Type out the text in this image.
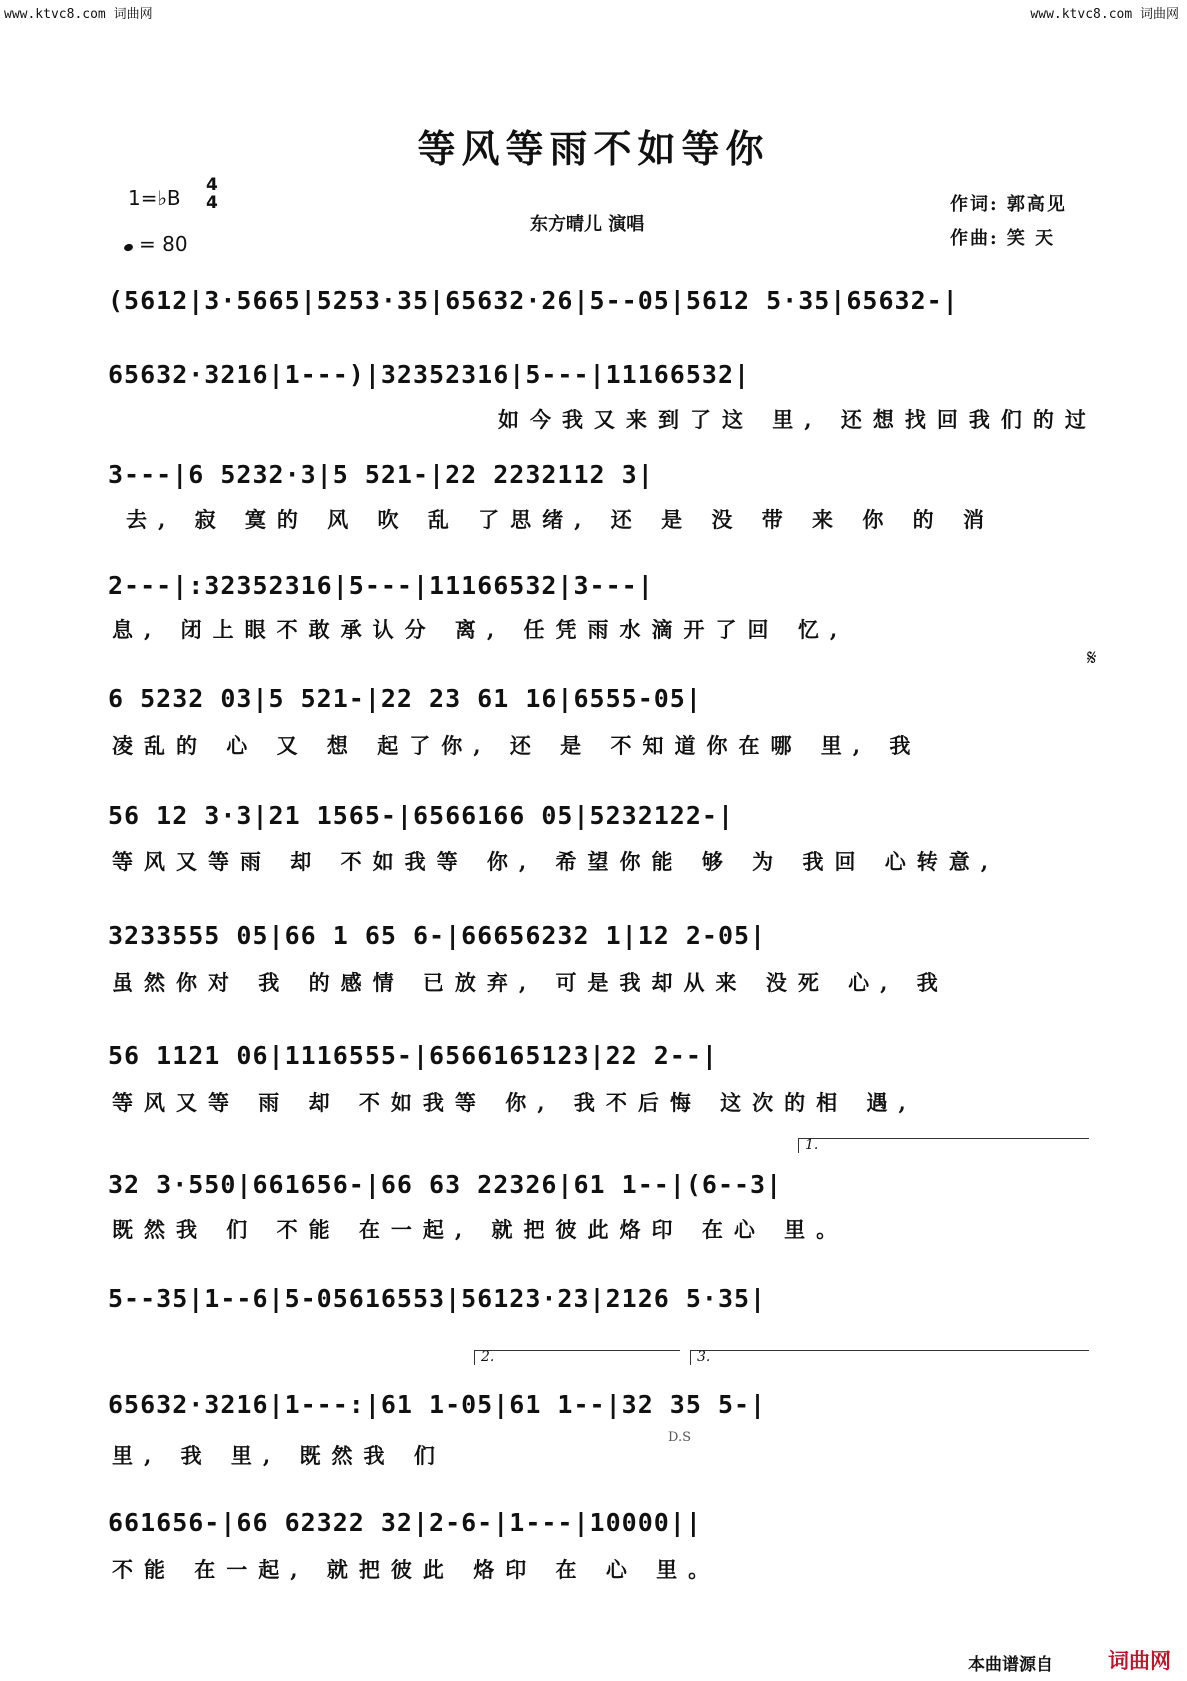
www.ktvc8.com 词曲网	www.ktvc8.com 词曲网
等风等雨不如等你
1=♭B
4
4
= 80
东方晴儿 演唱
作词: 郭高见
作曲: 笑 天
(5612|3·5665|5253·35|65632·26|5--05|5612 5·35|65632-|
65632·3216|1---)|32352316|5---|11166532|
如今我又来到了这 里, 还想找回我们的过
3---|6 5232·3|5 521-|22 2232112 3|
去, 寂 寞的 风 吹 乱 了思绪, 还 是 没 带 来 你 的 消
2---|:32352316|5---|11166532|3---|
息, 闭上眼不敢承认分 离, 任凭雨水滴开了回 忆,
6 5232 03|5 521-|22 23 61 16|6555-05|
凌乱的 心 又 想 起了你, 还 是 不知道你在哪 里, 我
𝄋
56 12 3·3|21 1565-|6566166 05|5232122-|
等风又等雨 却 不如我等 你, 希望你能 够 为 我回 心转意,
3233555 05|66 1 65 6-|66656232 1|12 2-05|
虽然你对 我 的感情 已放弃, 可是我却从来 没死 心, 我
56 1121 06|1116555-|6566165123|22 2--|
等风又等 雨 却 不如我等 你, 我不后悔 这次的相 遇,
1.
32 3·550|661656-|66 63 22326|61 1--|(6--3|
既然我 们 不能 在一起, 就把彼此烙印 在心 里。
5--35|1--6|5-05616553|56123·23|2126 5·35|
2.	3.
65632·3216|1---:|61 1-05|61 1--|32 35 5-|
里, 我 里, 既然我 们
D.S
661656-|66 62322 32|2-6-|1---|10000||
不能 在一起, 就把彼此 烙印 在 心 里。
本曲谱源自	词曲网
